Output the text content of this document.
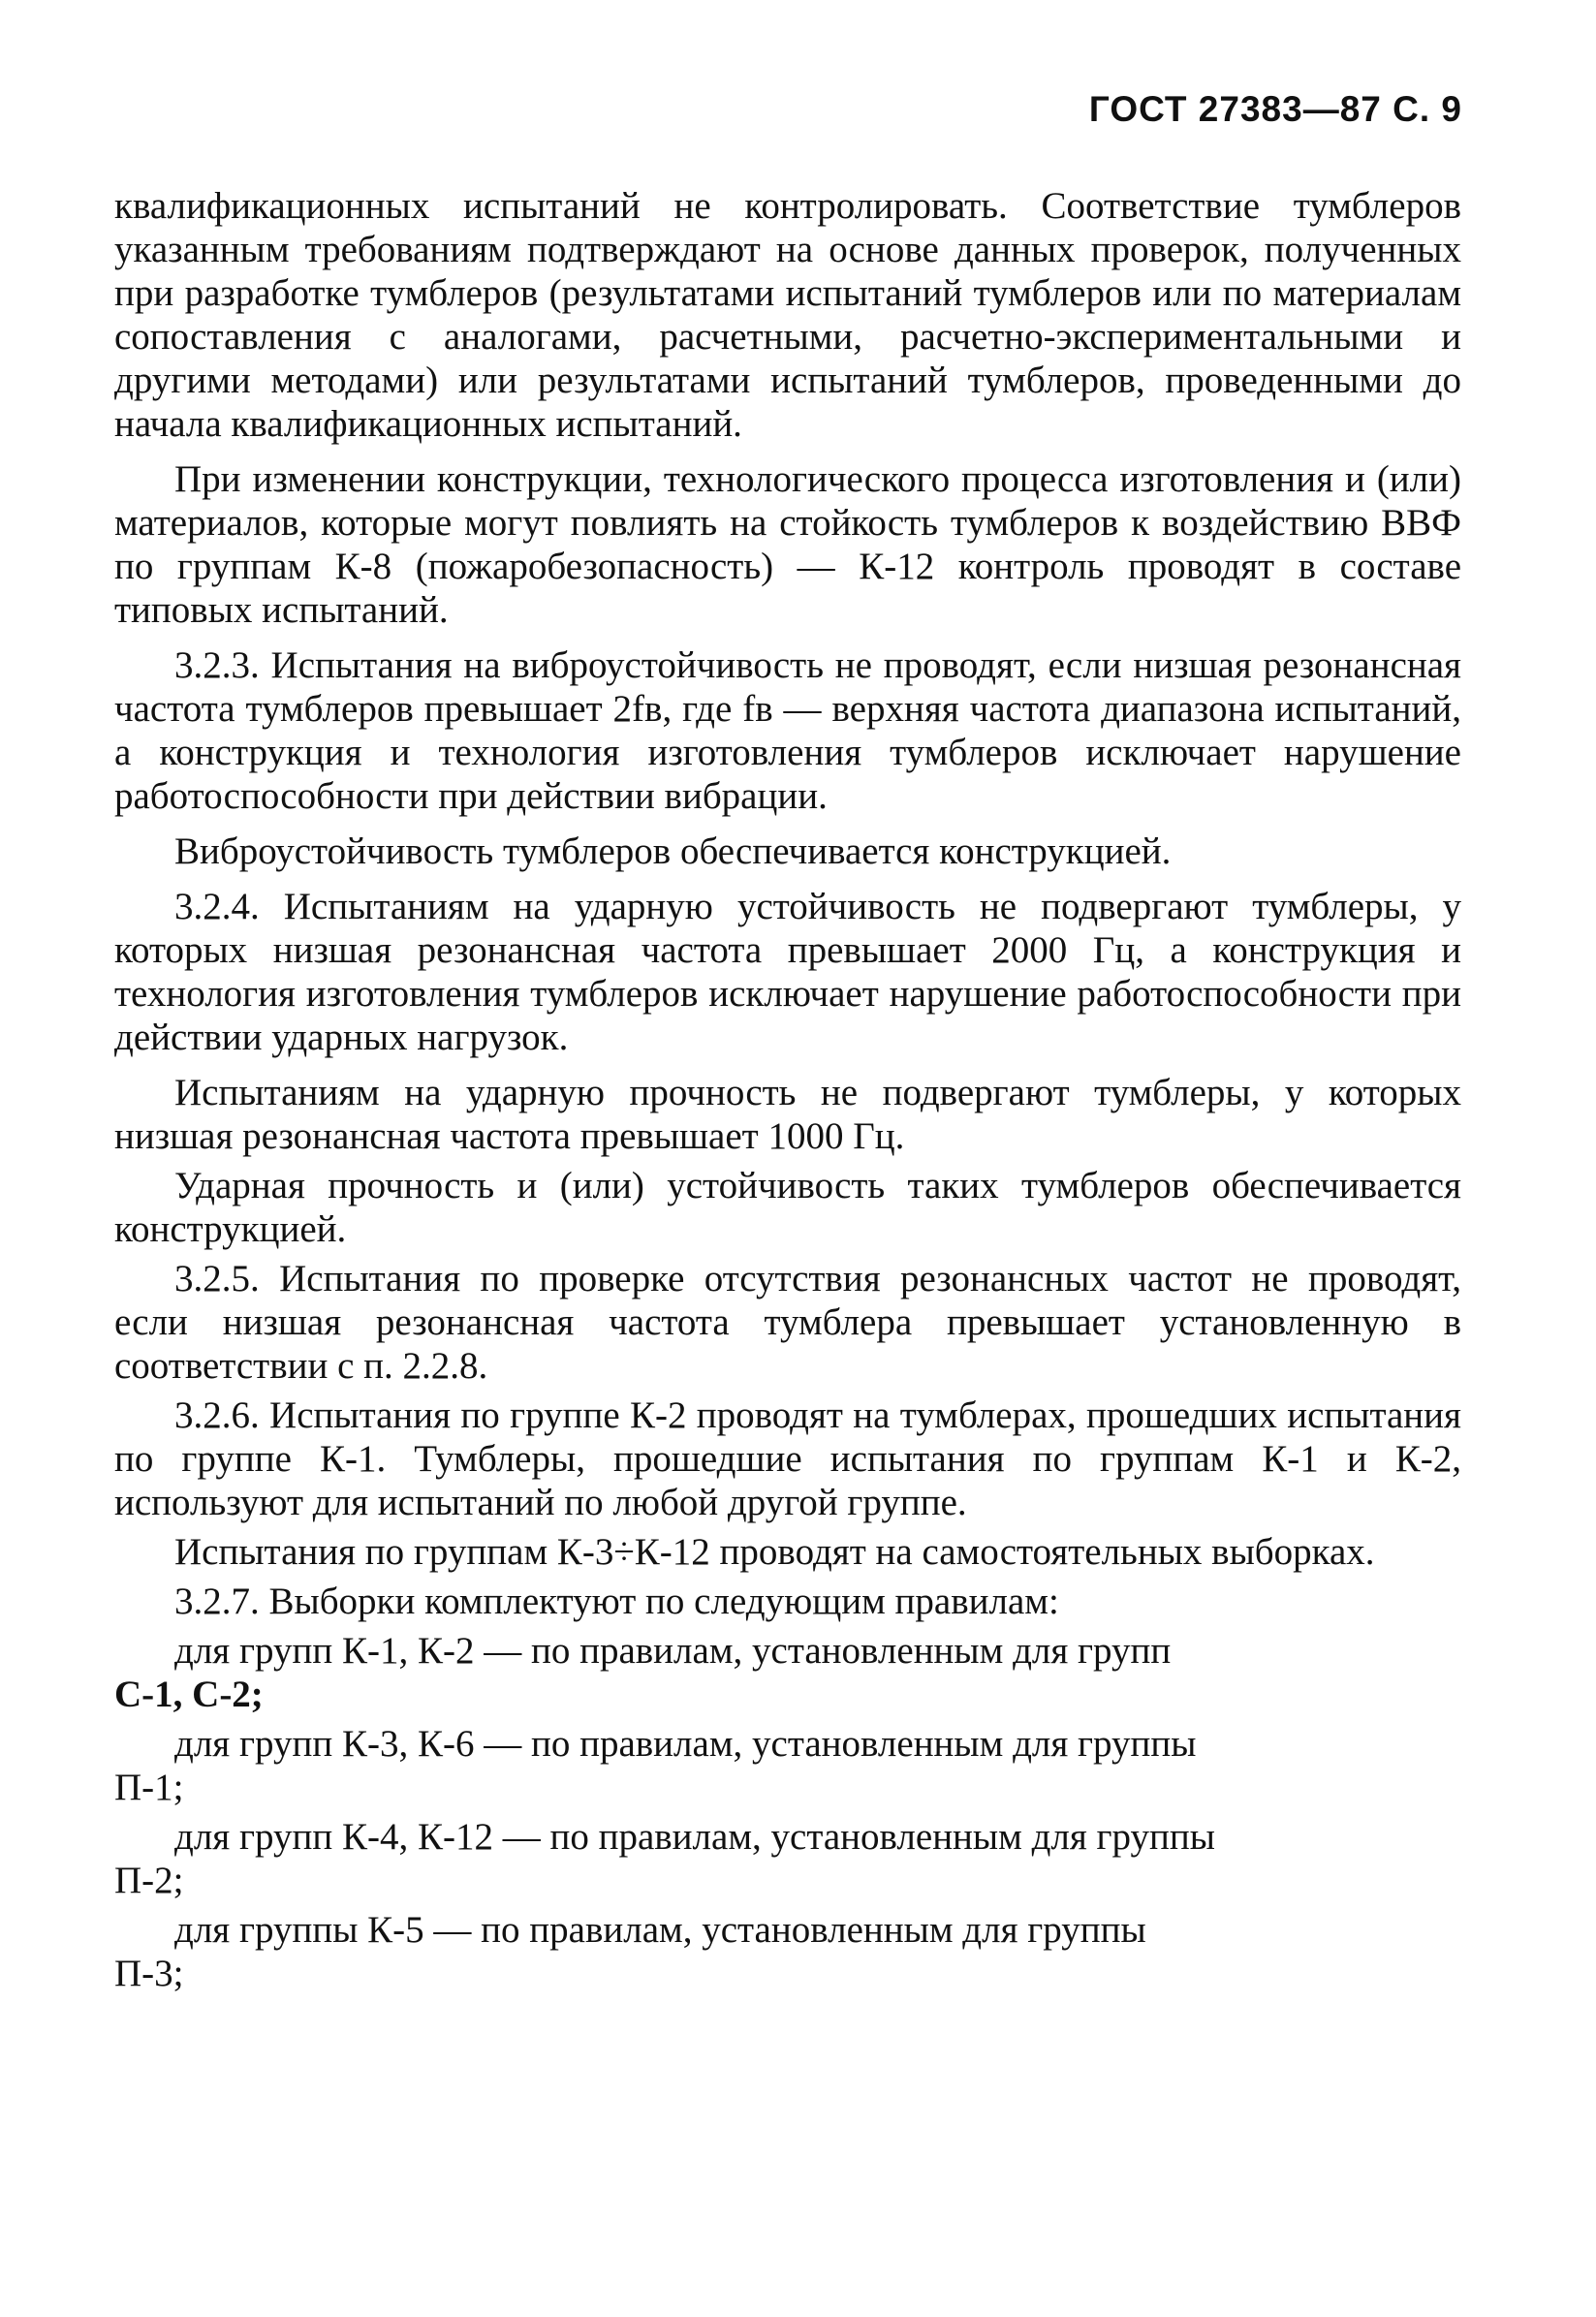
ГОСТ 27383—87 С. 9

квалификационных испытаний не контролировать. Соответствие тумблеров указанным требованиям подтверждают на основе данных проверок, полученных при разработке тумблеров (результатами испытаний тумблеров или по материалам сопоставления с аналогами, расчетными, расчетно-экспериментальными и другими методами) или результатами испытаний тумблеров, проведенными до начала квалификационных испытаний.

При изменении конструкции, технологического процесса изготовления и (или) материалов, которые могут повлиять на стойкость тумблеров к воздействию ВВФ по группам К-8 (пожаробезопасность) — К-12 контроль проводят в составе типовых испытаний.

3.2.3. Испытания на виброустойчивость не проводят, если низшая резонансная частота тумблеров превышает 2fв, где fв — верхняя частота диапазона испытаний, а конструкция и технология изготовления тумблеров исключает нарушение работоспособности при действии вибрации.

Виброустойчивость тумблеров обеспечивается конструкцией.

3.2.4. Испытаниям на ударную устойчивость не подвергают тумблеры, у которых низшая резонансная частота превышает 2000 Гц, а конструкция и технология изготовления тумблеров исключает нарушение работоспособности при действии ударных нагрузок.

Испытаниям на ударную прочность не подвергают тумблеры, у которых низшая резонансная частота превышает 1000 Гц.

Ударная прочность и (или) устойчивость таких тумблеров обеспечивается конструкцией.

3.2.5. Испытания по проверке отсутствия резонансных частот не проводят, если низшая резонансная частота тумблера превышает установленную в соответствии с п. 2.2.8.

3.2.6. Испытания по группе К-2 проводят на тумблерах, прошедших испытания по группе К-1. Тумблеры, прошедшие испытания по группам К-1 и К-2, используют для испытаний по любой другой группе.

Испытания по группам К-3÷К-12 проводят на самостоятельных выборках.

3.2.7. Выборки комплектуют по следующим правилам:

для групп К-1, К-2 — по правилам, установленным для групп

С-1, С-2;

для групп К-3, К-6 — по правилам, установленным для группы

П-1;

для групп К-4, К-12 — по правилам, установленным для группы

П-2;

для группы К-5 — по правилам, установленным для группы

П-3;
